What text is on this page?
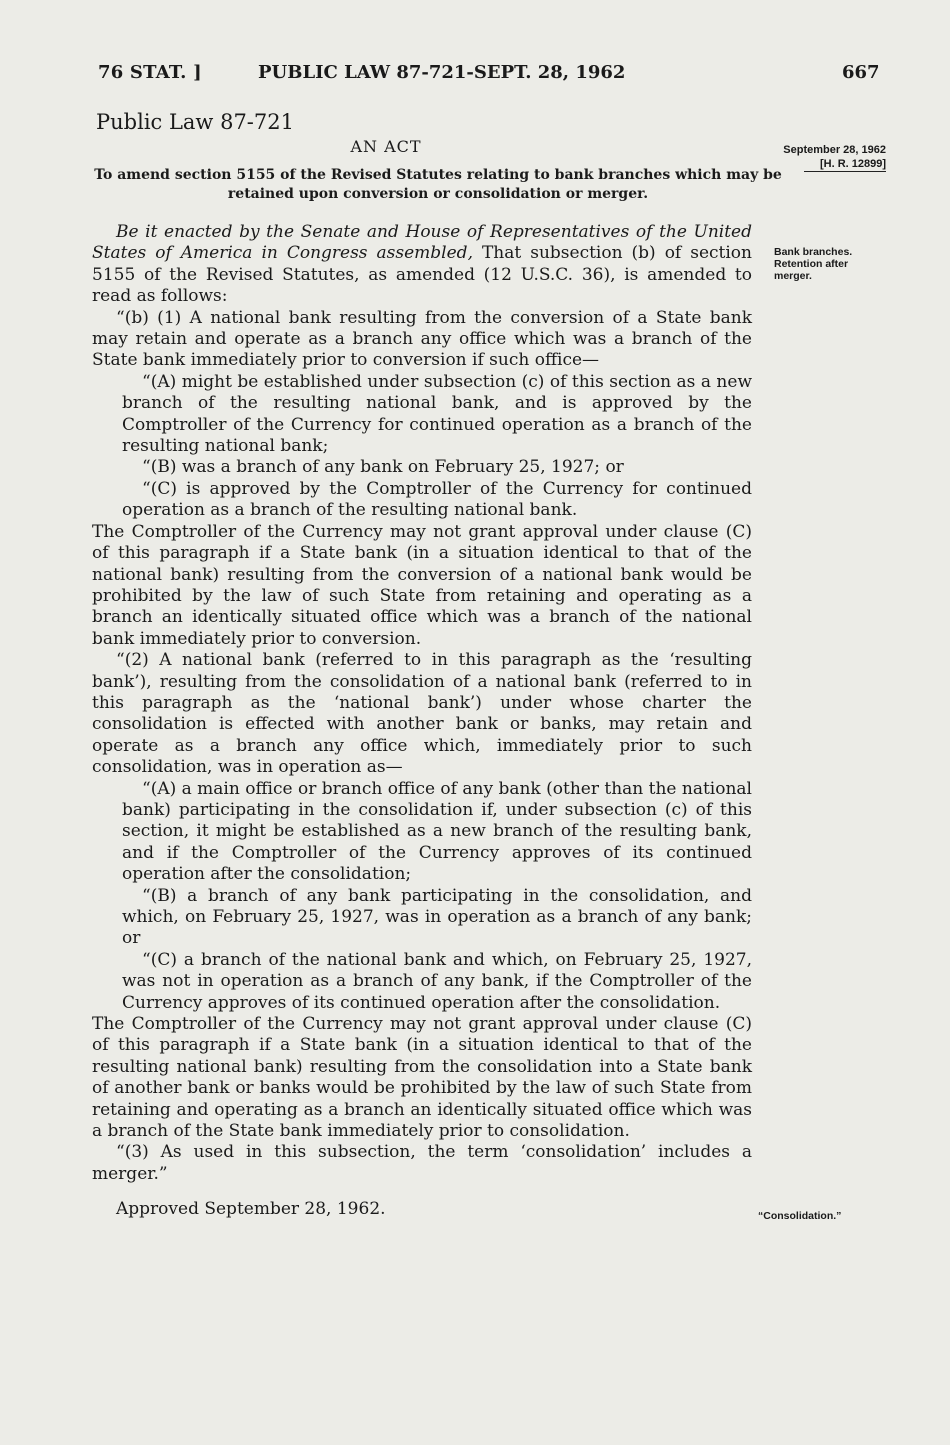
76 STAT. ]	PUBLIC LAW 87-721-SEPT. 28, 1962	667
Public Law 87-721
AN ACT	September 28, 1962
[H. R. 12899]
To amend section 5155 of the Revised Statutes relating to bank branches which may be retained upon conversion or consolidation or merger.

Be it enacted by the Senate and House of Representatives of the United States of America in Congress assembled, That subsection (b) of section 5155 of the Revised Statutes, as amended (12 U.S.C. 36), is amended to read as follows:

“(b) (1) A national bank resulting from the conversion of a State bank may retain and operate as a branch any office which was a branch of the State bank immediately prior to conversion if such office—

“(A) might be established under subsection (c) of this section as a new branch of the resulting national bank, and is approved by the Comptroller of the Currency for continued operation as a branch of the resulting national bank;

“(B) was a branch of any bank on February 25, 1927; or

“(C) is approved by the Comptroller of the Currency for continued operation as a branch of the resulting national bank.

The Comptroller of the Currency may not grant approval under clause (C) of this paragraph if a State bank (in a situation identical to that of the national bank) resulting from the conversion of a national bank would be prohibited by the law of such State from retaining and operating as a branch an identically situated office which was a branch of the national bank immediately prior to conversion.

“(2) A national bank (referred to in this paragraph as the ‘resulting bank’), resulting from the consolidation of a national bank (referred to in this paragraph as the ‘national bank’) under whose charter the consolidation is effected with another bank or banks, may retain and operate as a branch any office which, immediately prior to such consolidation, was in operation as—

“(A) a main office or branch office of any bank (other than the national bank) participating in the consolidation if, under subsection (c) of this section, it might be established as a new branch of the resulting bank, and if the Comptroller of the Currency approves of its continued operation after the consolidation;

“(B) a branch of any bank participating in the consolidation, and which, on February 25, 1927, was in operation as a branch of any bank; or

“(C) a branch of the national bank and which, on February 25, 1927, was not in operation as a branch of any bank, if the Comptroller of the Currency approves of its continued operation after the consolidation.

The Comptroller of the Currency may not grant approval under clause (C) of this paragraph if a State bank (in a situation identical to that of the resulting national bank) resulting from the consolidation into a State bank of another bank or banks would be prohibited by the law of such State from retaining and operating as a branch an identically situated office which was a branch of the State bank immediately prior to consolidation.

“(3) As used in this subsection, the term ‘consolidation’ includes a merger.”

Approved September 28, 1962.

Bank branches.
Retention after merger.
“Consolidation.”
